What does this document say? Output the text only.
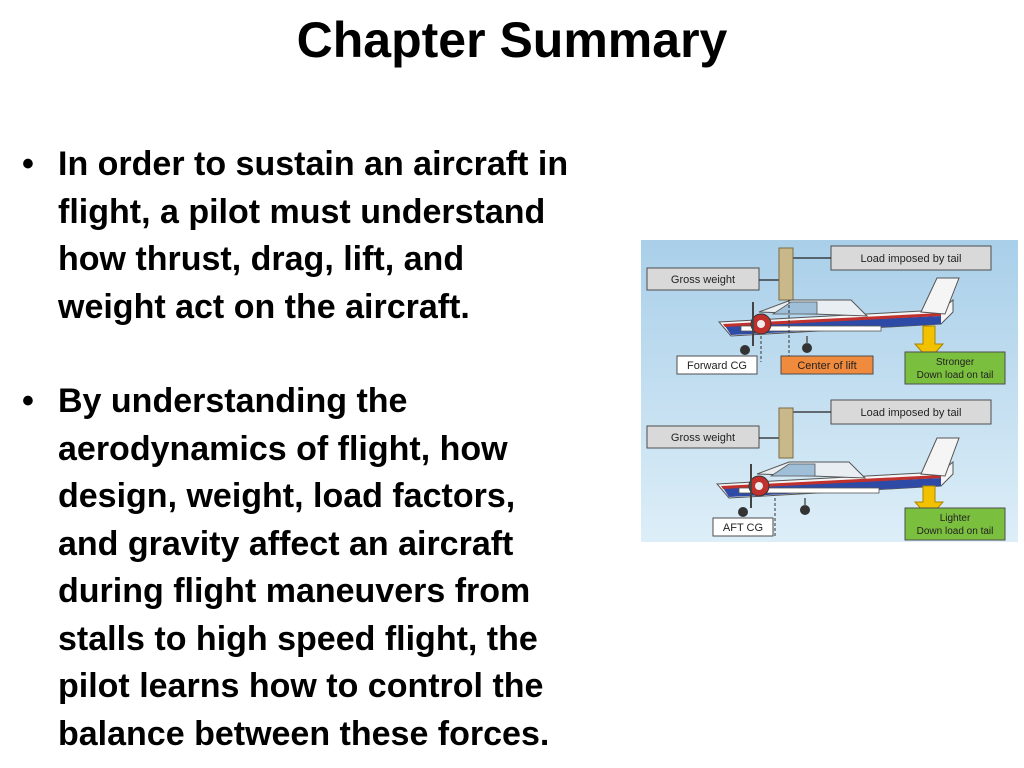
Chapter Summary
• In order to sustain an aircraft in
flight, a pilot must understand
how thrust, drag, lift, and
weight act on the aircraft.
• By understanding the
aerodynamics of flight, how
design, weight, load factors,
and gravity affect an aircraft
during flight maneuvers from
stalls to high speed flight, the
pilot learns how to control the
balance between these forces.
Load imposed by tail
Gross weight
Forward CG	Center of lift	Stronger
Down load on tail
Load imposed by tail
Gross weight
AFT CG
Lighter
Down load on tail
